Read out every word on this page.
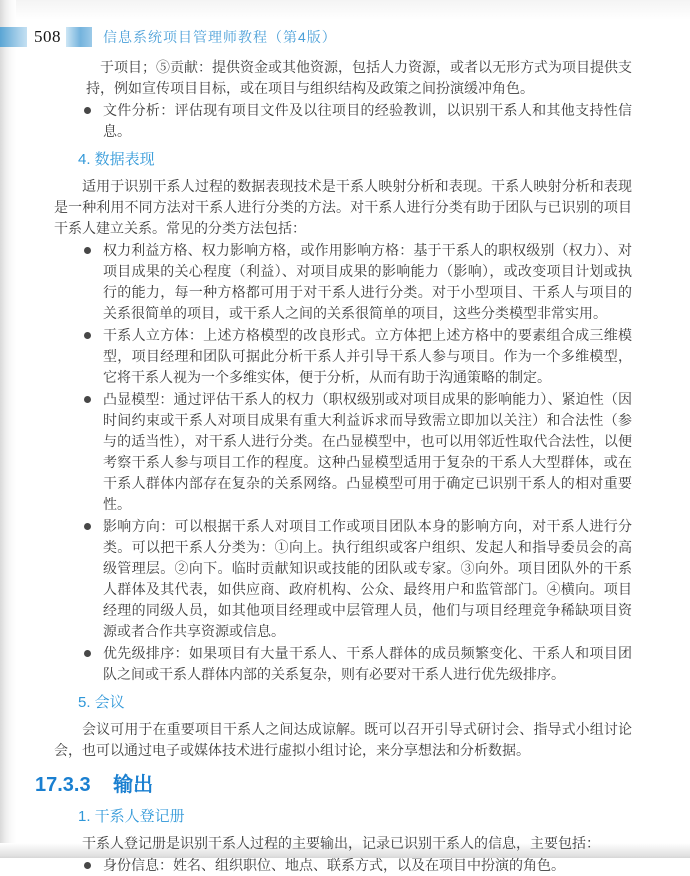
508	信息系统项目管理师教程（第4版）

于项目；⑤贡献：提供资金或其他资源，包括人力资源，或者以无形方式为项目提供支持，例如宣传项目目标，或在项目与组织结构及政策之间扮演缓冲角色。

文件分析：评估现有项目文件及以往项目的经验教训，以识别干系人和其他支持性信息。
4. 数据表现

适用于识别干系人过程的数据表现技术是干系人映射分析和表现。干系人映射分析和表现是一种利用不同方法对干系人进行分类的方法。对干系人进行分类有助于团队与已识别的项目干系人建立关系。常见的分类方法包括：

权力利益方格、权力影响方格，或作用影响方格：基于干系人的职权级别（权力）、对项目成果的关心程度（利益）、对项目成果的影响能力（影响），或改变项目计划或执行的能力，每一种方格都可用于对干系人进行分类。对于小型项目、干系人与项目的关系很简单的项目，或干系人之间的关系很简单的项目，这些分类模型非常实用。
干系人立方体：上述方格模型的改良形式。立方体把上述方格中的要素组合成三维模型，项目经理和团队可据此分析干系人并引导干系人参与项目。作为一个多维模型，它将干系人视为一个多维实体，便于分析，从而有助于沟通策略的制定。
凸显模型：通过评估干系人的权力（职权级别或对项目成果的影响能力）、紧迫性（因时间约束或干系人对项目成果有重大利益诉求而导致需立即加以关注）和合法性（参与的适当性），对干系人进行分类。在凸显模型中，也可以用邻近性取代合法性，以便考察干系人参与项目工作的程度。这种凸显模型适用于复杂的干系人大型群体，或在干系人群体内部存在复杂的关系网络。凸显模型可用于确定已识别干系人的相对重要性。
影响方向：可以根据干系人对项目工作或项目团队本身的影响方向，对干系人进行分类。可以把干系人分类为：①向上。执行组织或客户组织、发起人和指导委员会的高级管理层。②向下。临时贡献知识或技能的团队或专家。③向外。项目团队外的干系人群体及其代表，如供应商、政府机构、公众、最终用户和监管部门。④横向。项目经理的同级人员，如其他项目经理或中层管理人员，他们与项目经理竞争稀缺项目资源或者合作共享资源或信息。
优先级排序：如果项目有大量干系人、干系人群体的成员频繁变化、干系人和项目团队之间或干系人群体内部的关系复杂，则有必要对干系人进行优先级排序。
5. 会议

会议可用于在重要项目干系人之间达成谅解。既可以召开引导式研讨会、指导式小组讨论会，也可以通过电子或媒体技术进行虚拟小组讨论，来分享想法和分析数据。

17.3.3 输出
1. 干系人登记册

干系人登记册是识别干系人过程的主要输出，记录已识别干系人的信息，主要包括：

身份信息：姓名、组织职位、地点、联系方式，以及在项目中扮演的角色。
